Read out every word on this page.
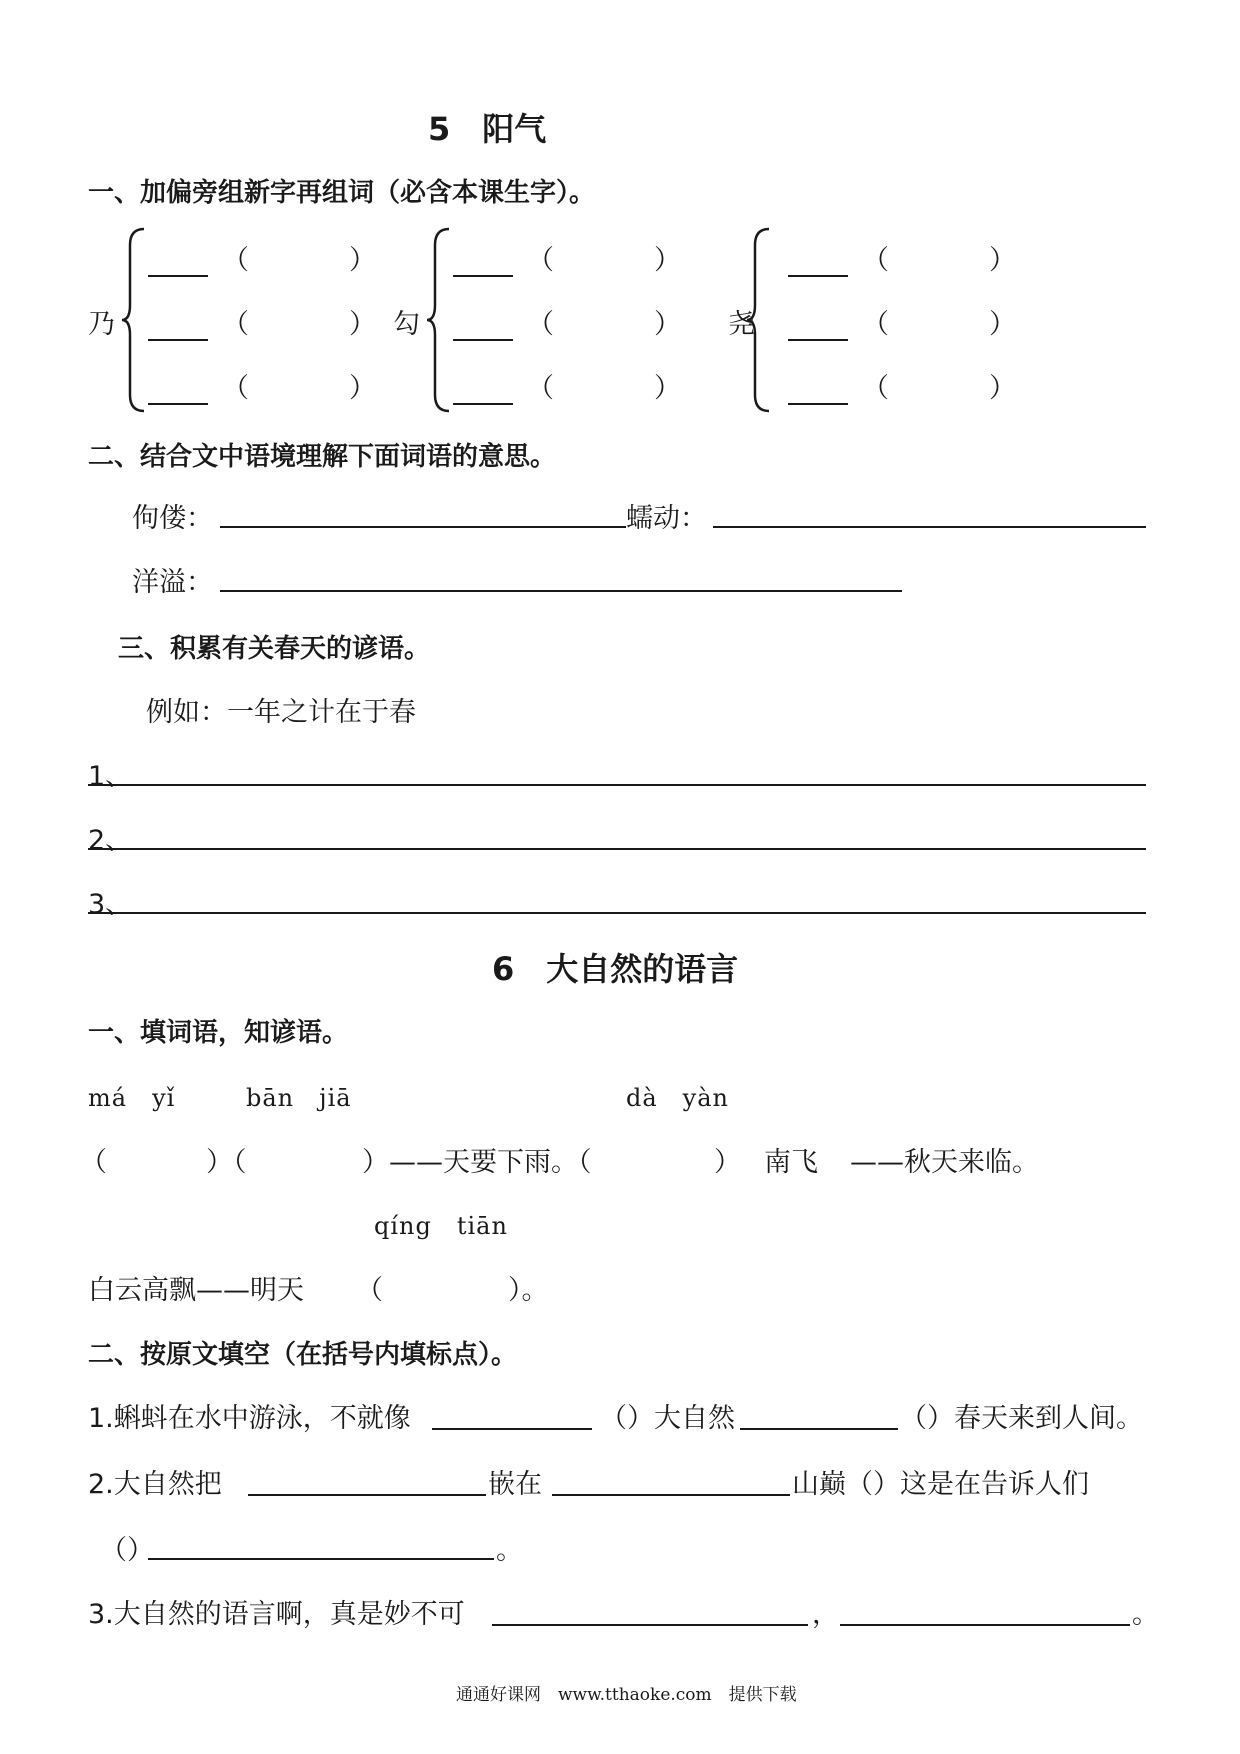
5　阳气
一、加偏旁组新字再组词（必含本课生字）。
乃
（	）
（	）
（	）
勾
（	）
（	）
（	）
尧
（	）
（	）
（	）
二、结合文中语境理解下面词语的意思。
佝偻：	蠕动：
洋溢：
三、积累有关春天的谚语。
例如：一年之计在于春
1、
2、
3、
6　大自然的语言
一、填词语，知谚语。
má　yǐ	bān　jiā	dà　yàn
（	）（	）——天要下雨。（	） 南飞 ——秋天来临。
qíng　tiān
白云高飘——明天 （	）。
二、按原文填空（在括号内填标点）。
1.蝌蚪在水中游泳，不就像	（）大自然	（）春天来到人间。
2.大自然把	嵌在	山巅（）这是在告诉人们
（）	。
3.大自然的语言啊，真是妙不可	，	。
通通好课网　www.tthaoke.com　提供下载
